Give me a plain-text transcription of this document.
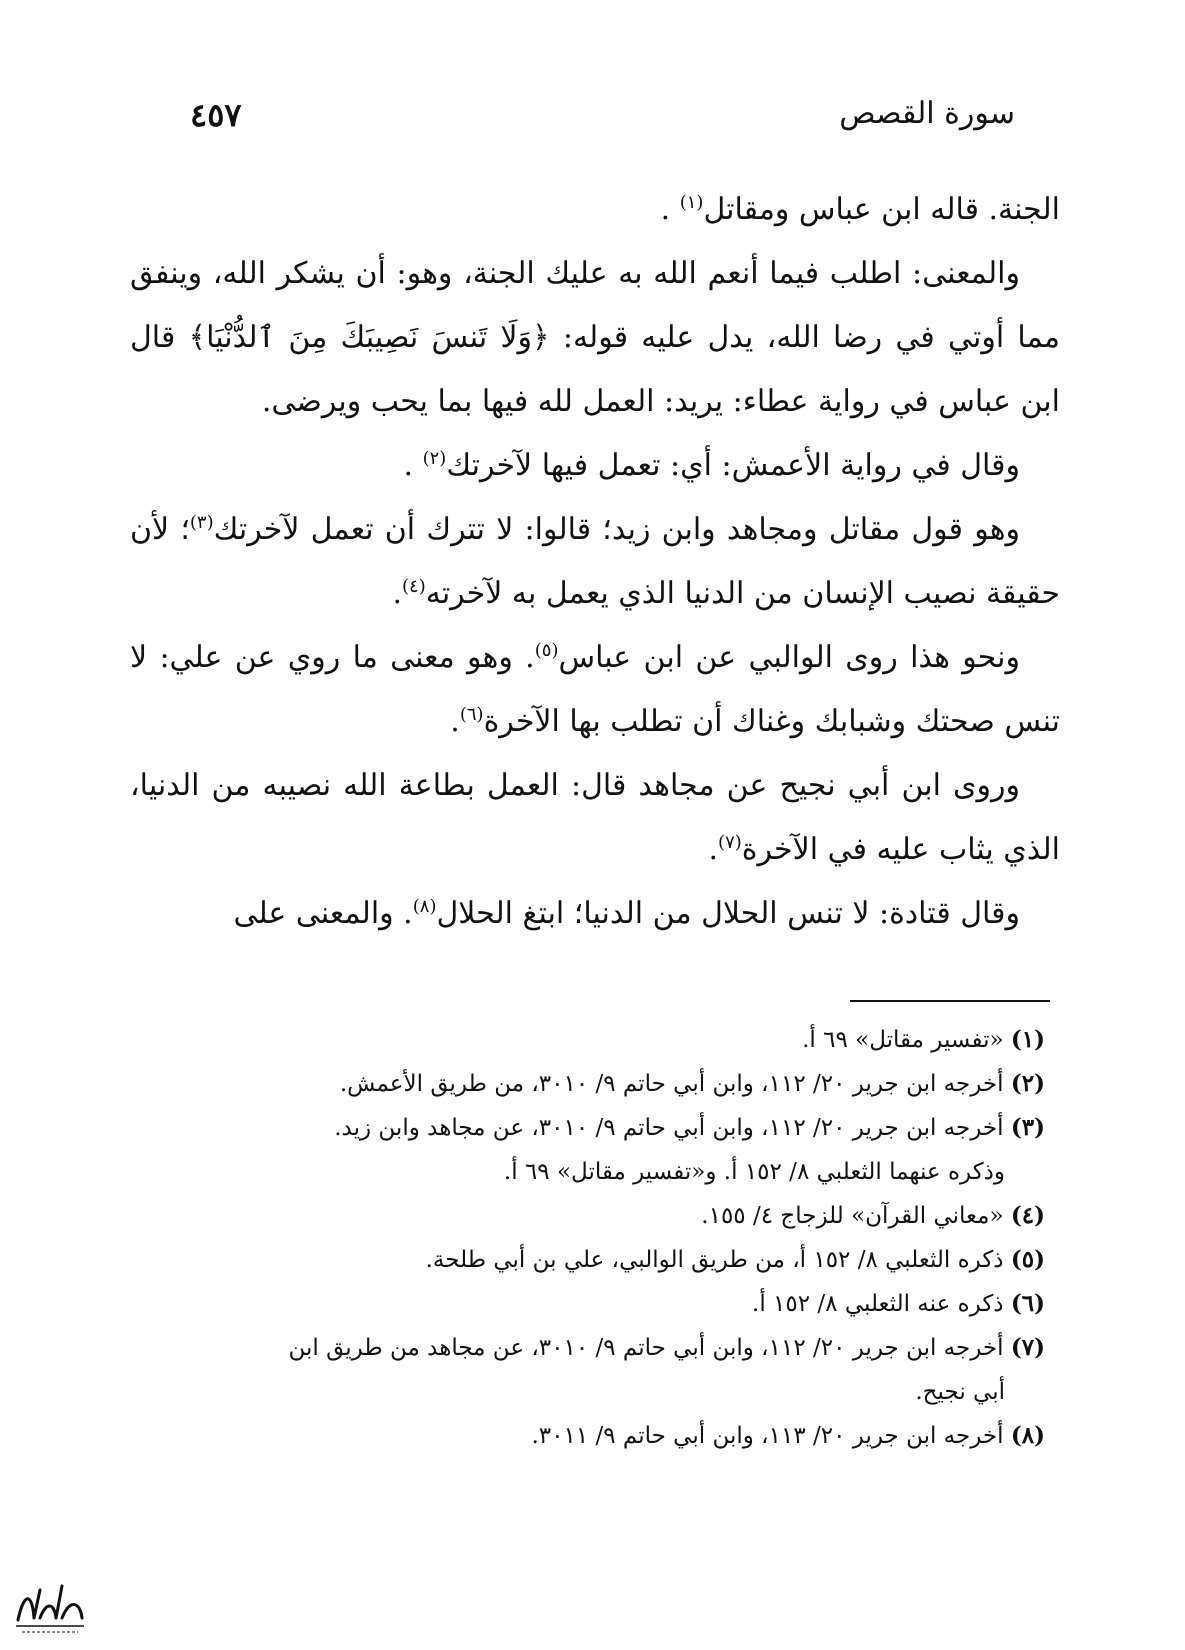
سورة القصص
٤٥٧

الجنة. قاله ابن عباس ومقاتل$^{(١)}$ .

والمعنى: اطلب فيما أنعم الله به عليك الجنة، وهو: أن يشكر الله، وينفق مما أوتي في رضا الله، يدل عليه قوله: ﴿وَلَا تَنسَ نَصِيبَكَ مِنَ ٱلدُّنْيَا﴾ قال ابن عباس في رواية عطاء: يريد: العمل لله فيها بما يحب ويرضى.

وقال في رواية الأعمش: أي: تعمل فيها لآخرتك$^{(٢)}$ .

وهو قول مقاتل ومجاهد وابن زيد؛ قالوا: لا تترك أن تعمل لآخرتك$^{(٣)}$؛ لأن حقيقة نصيب الإنسان من الدنيا الذي يعمل به لآخرته$^{(٤)}$.

ونحو هذا روى الوالبي عن ابن عباس$^{(٥)}$. وهو معنى ما روي عن علي: لا تنس صحتك وشبابك وغناك أن تطلب بها الآخرة$^{(٦)}$.

وروى ابن أبي نجيح عن مجاهد قال: العمل بطاعة الله نصيبه من الدنيا، الذي يثاب عليه في الآخرة$^{(٧)}$.

وقال قتادة: لا تنس الحلال من الدنيا؛ ابتغ الحلال$^{(٨)}$. والمعنى على

(١) «تفسير مقاتل» ٦٩ أ.

(٢) أخرجه ابن جرير ٢٠/ ١١٢، وابن أبي حاتم ٩/ ٣٠١٠، من طريق الأعمش.

(٣) أخرجه ابن جرير ٢٠/ ١١٢، وابن أبي حاتم ٩/ ٣٠١٠، عن مجاهد وابن زيد.

وذكره عنهما الثعلبي ٨/ ١٥٢ أ. و«تفسير مقاتل» ٦٩ أ.

(٤) «معاني القرآن» للزجاج ٤/ ١٥٥.

(٥) ذكره الثعلبي ٨/ ١٥٢ أ، من طريق الوالبي، علي بن أبي طلحة.

(٦) ذكره عنه الثعلبي ٨/ ١٥٢ أ.

(٧) أخرجه ابن جرير ٢٠/ ١١٢، وابن أبي حاتم ٩/ ٣٠١٠، عن مجاهد من طريق ابن

أبي نجيح.

(٨) أخرجه ابن جرير ٢٠/ ١١٣، وابن أبي حاتم ٩/ ٣٠١١.
